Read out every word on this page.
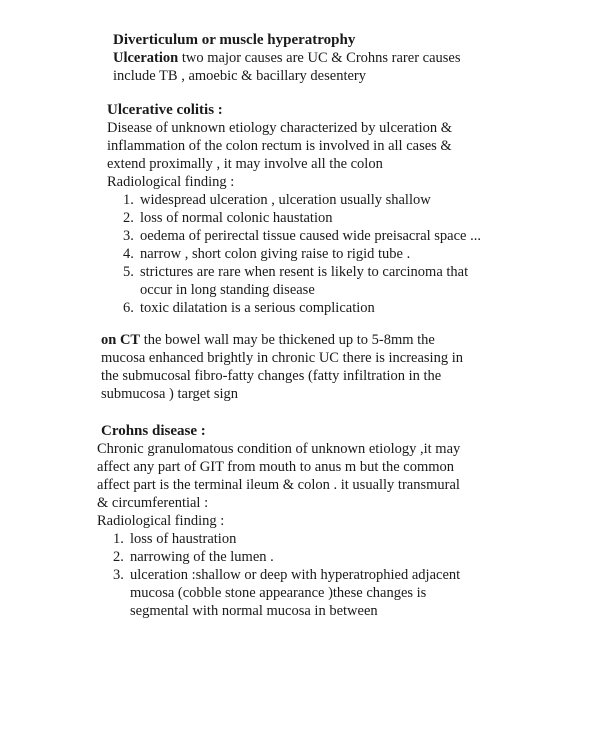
Diverticulum or muscle hyperatrophy
Ulceration two major causes are UC & Crohns rarer causes
include TB , amoebic & bacillary desentery
Ulcerative colitis :
Disease of unknown etiology characterized by ulceration &
inflammation of the colon rectum is involved in all cases &
extend proximally , it may involve all the colon
Radiological finding :
1. widespread ulceration , ulceration usually shallow
2. loss of normal colonic haustation
3. oedema of perirectal tissue caused wide preisacral space ...
4. narrow , short colon giving raise to rigid tube .
5. strictures are rare when resent is likely to carcinoma that
occur in long standing disease
6. toxic dilatation is a serious complication
on CT the bowel wall may be thickened up to 5-8mm the
mucosa enhanced brightly in chronic UC there is increasing in
the submucosal fibro-fatty changes (fatty infiltration in the
submucosa ) target sign
Crohns disease :
Chronic granulomatous condition of unknown etiology ,it may
affect any part of GIT from mouth to anus m but the common
affect part is the terminal ileum & colon . it usually transmural
& circumferential :
Radiological finding :
1. loss of haustration
2. narrowing of the lumen .
3. ulceration :shallow or deep with hyperatrophied adjacent
mucosa (cobble stone appearance )these changes is
segmental with normal mucosa in between
